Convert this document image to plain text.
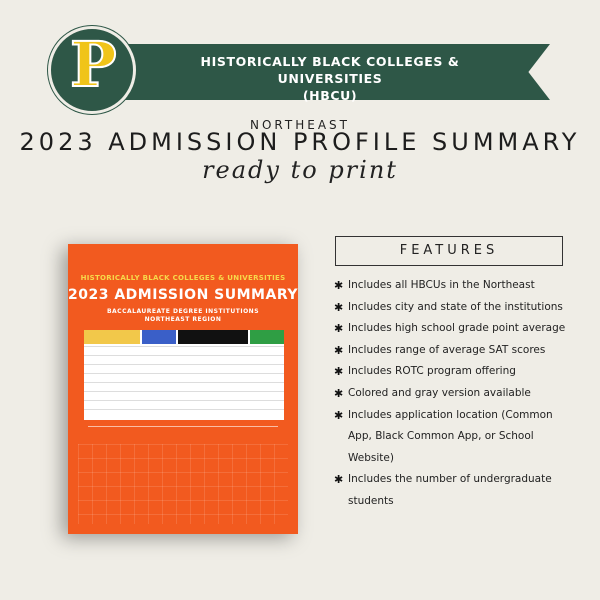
HISTORICALLY BLACK COLLEGES & UNIVERSITIES
(HBCU)
P
NORTHEAST
2023 ADMISSION PROFILE SUMMARY
ready to print
HISTORICALLY BLACK COLLEGES & UNIVERSITIES
2023 ADMISSION SUMMARY
BACCALAUREATE DEGREE INSTITUTIONS
NORTHEAST REGION
FEATURES
✱ Includes all HBCUs in the Northeast
✱ Includes city and state of the institutions
✱ Includes high school grade point average
✱ Includes range of average SAT scores
✱ Includes ROTC program offering
✱ Colored and gray version available
✱ Includes application location (Common App, Black Common App, or School Website)
✱ Includes the number of undergraduate students
